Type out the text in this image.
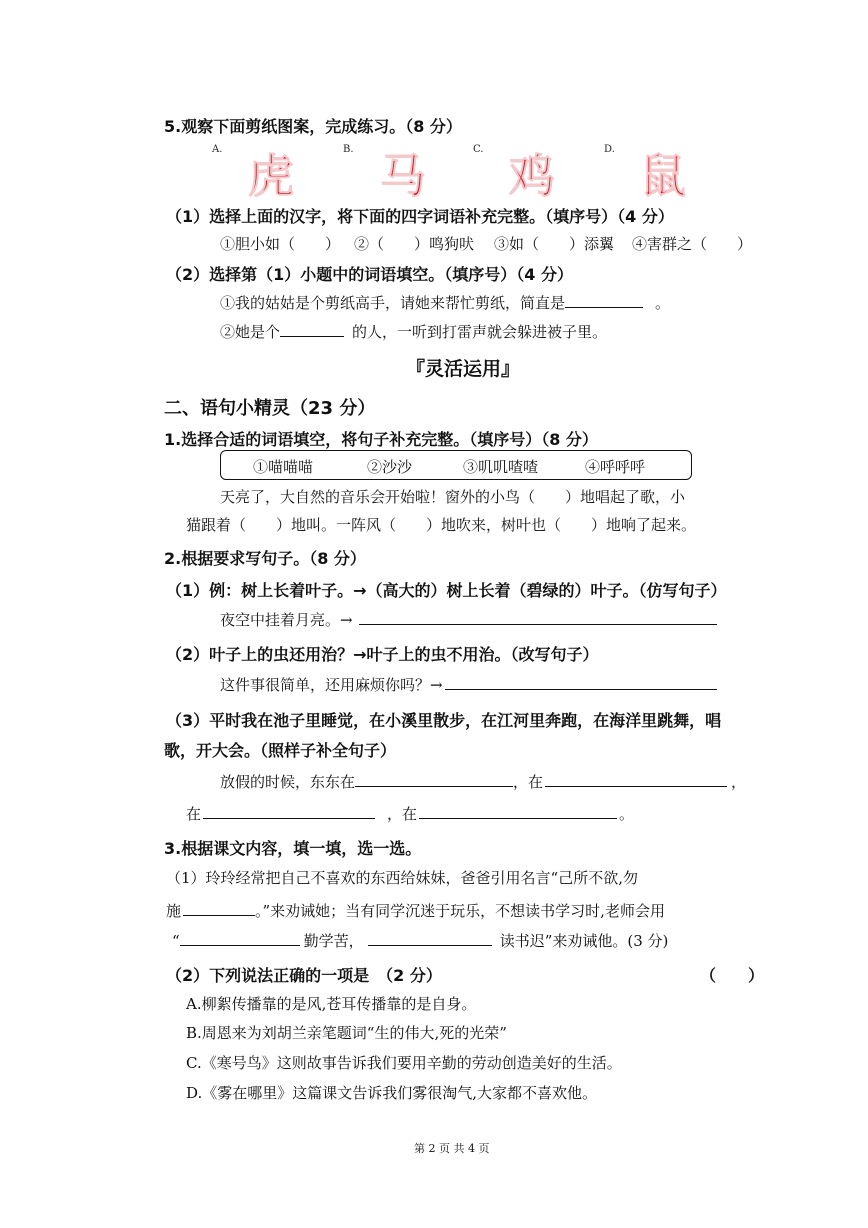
5.观察下面剪纸图案，完成练习。（8 分）
A.	B.	C.	D.
虎 马 鸡 鼠
（1）选择上面的汉字，将下面的四字词语补充完整。（填序号）（4 分）
①胆小如（　　） ②（　　）鸣狗吠 ③如（　　）添翼 ④害群之（　　）
（2）选择第（1）小题中的词语填空。（填序号）（4 分）
①我的姑姑是个剪纸高手，请她来帮忙剪纸，简直是	。
②她是个	的人，一听到打雷声就会躲进被子里。
『灵活运用』
二、语句小精灵（23 分）
1.选择合适的词语填空，将句子补充完整。（填序号）（8 分）
①喵喵喵	②沙沙	③叽叽喳喳	④呼呼呼
天亮了，大自然的音乐会开始啦！窗外的小鸟（　　）地唱起了歌，小
猫跟着（　　）地叫。一阵风（　　）地吹来，树叶也（　　）地响了起来。
2.根据要求写句子。（8 分）
（1）例：树上长着叶子。→（高大的）树上长着（碧绿的）叶子。（仿写句子）
夜空中挂着月亮。→
（2）叶子上的虫还用治？→叶子上的虫不用治。（改写句子）
这件事很简单，还用麻烦你吗？→
（3）平时我在池子里睡觉，在小溪里散步，在江河里奔跑，在海洋里跳舞，唱
歌，开大会。（照样子补全句子）
放假的时候，东东在	，在	，
在	，在	。
3.根据课文内容，填一填，选一选。
（1）玲玲经常把自己不喜欢的东西给妹妹，爸爸引用名言“己所不欲,勿
施	。”来劝诫她；当有同学沉迷于玩乐，不想读书学习时,老师会用
“	勤学苦，	读书迟”来劝诫他。(3 分)
（2）下列说法正确的一项是　（2 分）	（　　）
A.柳絮传播靠的是风,苍耳传播靠的是自身。
B.周恩来为刘胡兰亲笔题词“生的伟大,死的光荣”
C.《寒号鸟》这则故事告诉我们要用辛勤的劳动创造美好的生活。
D.《雾在哪里》这篇课文告诉我们雾很淘气,大家都不喜欢他。
第 2 页 共 4 页
